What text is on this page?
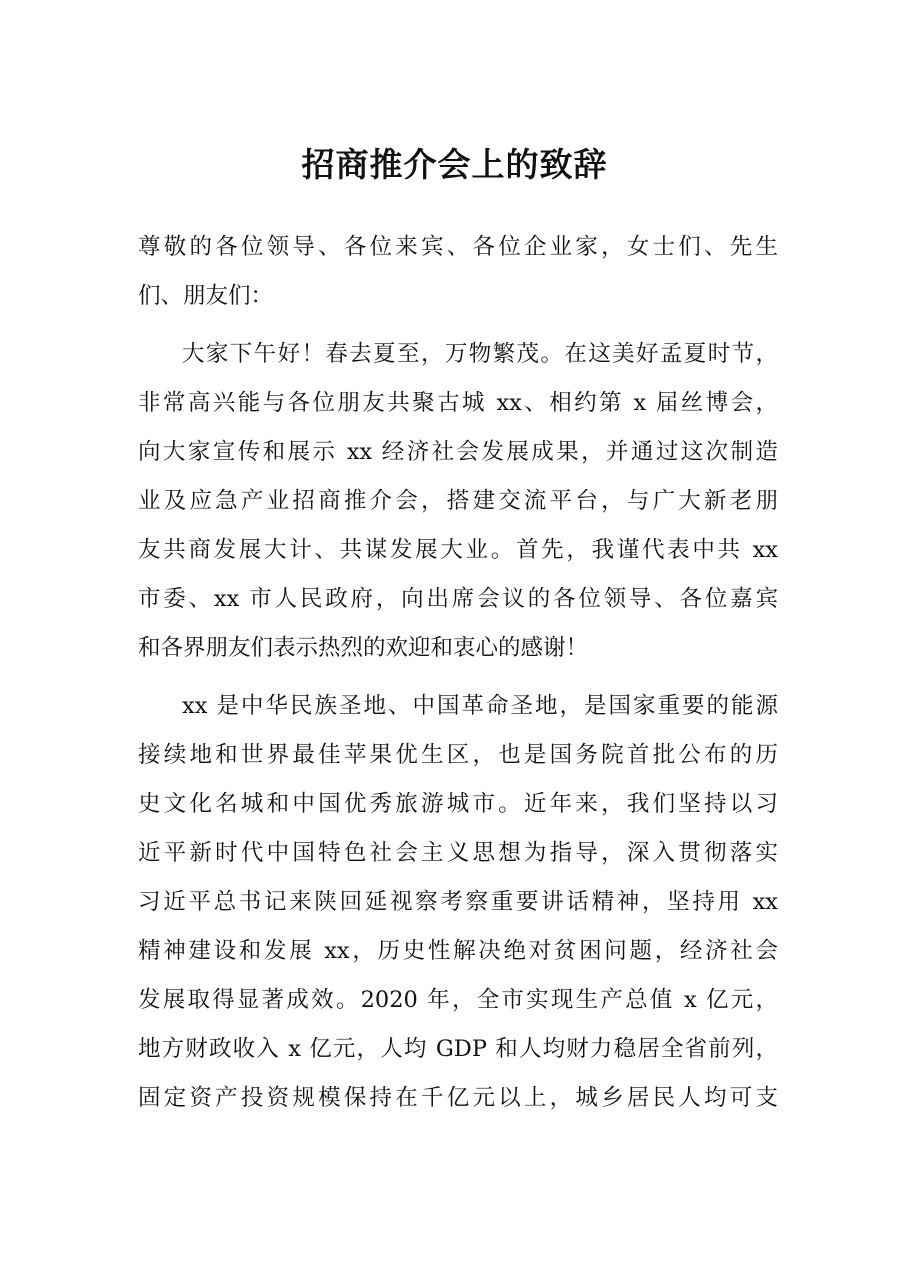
招商推介会上的致辞
尊敬的各位领导、各位来宾、各位企业家，女士们、先生
们、朋友们：
大家下午好！春去夏至，万物繁茂。在这美好孟夏时节，
非常高兴能与各位朋友共聚古城 xx、相约第 x 届丝博会，
向大家宣传和展示 xx 经济社会发展成果，并通过这次制造
业及应急产业招商推介会，搭建交流平台，与广大新老朋
友共商发展大计、共谋发展大业。首先，我谨代表中共 xx
市委、xx 市人民政府，向出席会议的各位领导、各位嘉宾
和各界朋友们表示热烈的欢迎和衷心的感谢！
xx 是中华民族圣地、中国革命圣地，是国家重要的能源
接续地和世界最佳苹果优生区，也是国务院首批公布的历
史文化名城和中国优秀旅游城市。近年来，我们坚持以习
近平新时代中国特色社会主义思想为指导，深入贯彻落实
习近平总书记来陕回延视察考察重要讲话精神，坚持用 xx
精神建设和发展 xx，历史性解决绝对贫困问题，经济社会
发展取得显著成效。2020 年，全市实现生产总值 x 亿元，
地方财政收入 x 亿元，人均 GDP 和人均财力稳居全省前列，
固定资产投资规模保持在千亿元以上，城乡居民人均可支
